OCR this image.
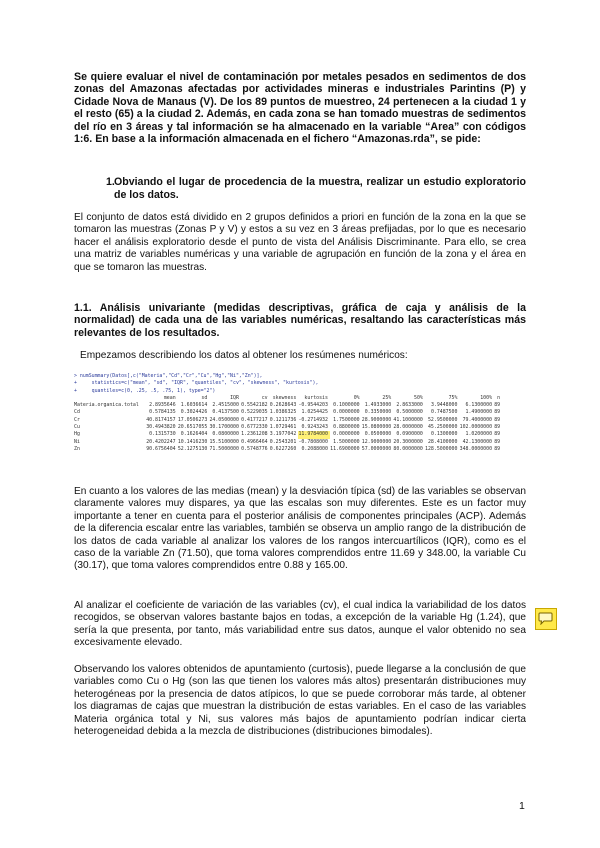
Se quiere evaluar el nivel de contaminación por metales pesados en sedimentos de dos zonas del Amazonas afectadas por actividades mineras e industriales Parintins (P) y Cidade Nova de Manaus (V). De los 89 puntos de muestreo, 24 pertenecen a la ciudad 1 y el resto (65) a la ciudad 2. Además, en cada zona se han tomado muestras de sedimentos del río en 3 áreas y tal información se ha almacenado en la variable “Area” con códigos 1:6. En base a la información almacenada en el fichero “Amazonas.rda”, se pide:

1. Obviando el lugar de procedencia de la muestra, realizar un estudio exploratorio de los datos.

El conjunto de datos está dividido en 2 grupos definidos a priori en función de la zona en la que se tomaron las muestras (Zonas P y V) y estos a su vez en 3 áreas prefijadas, por lo que es necesario hacer el análisis exploratorio desde el punto de vista del Análisis Discriminante. Para ello, se crea una matriz de variables numéricas y una variable de agrupación en función de la zona y el área en que se tomaron las muestras.

1.1. Análisis univariante (medidas descriptivas, gráfica de caja y análisis de la normalidad) de cada una de las variables numéricas, resaltando las características más relevantes de los resultados.

Empezamos describiendo los datos al obtener los resúmenes numéricos:

> numSummary(Datos[,c("Materia","Cd","Cr","Cu","Hg","Ni","Zn")],
+     statistics=c("mean", "sd", "IQR", "quantiles", "cv", "skewness", "kurtosis"),
+     quantiles=c(0, .25, .5, .75, 1), type="2")
	mean	sd	IQR	cv	skewness	kurtosis	0%	25%	50%	75%	100%	n
Materia.organica.total	2.8935646	1.6036614	2.4515000	0.5542182	0.2628643	-0.9544203	0.1000000	1.4933000	2.8633000	3.9448000	6.1300000	89
Cd	0.5784135	0.3024426	0.4137500	0.5229035	1.0386325	1.0254425	0.0000000	0.3350000	0.5000000	0.7487500	1.4900000	89
Cr	40.8174157	17.0506273	24.0500000	0.4177217	0.1211736	-0.2714932	1.7500000	28.9000000	41.1000000	52.9500000	79.4000000	89
Cu	30.4943820	20.6517055	30.1700000	0.6772330	1.0729461	0.9243243	0.8800000	15.0800000	28.0000000	45.2500000	102.0000000	89
Hg	0.1315730	0.1626404	0.0800000	1.2361208	3.1977042	11.9784000	0.0000000	0.0500000	0.0900000	0.1300000	1.0200000	89
Ni	20.4202247	10.1416230	15.5100000	0.4966464	0.2543201	-0.7808000	1.5000000	12.9000000	20.3000000	28.4100000	42.1300000	89
Zn	90.6756404	52.1275130	71.5000000	0.5748776	0.6227260	0.2088000	11.6900000	57.0000000	80.0000000	128.5000000	348.0000000	89

En cuanto a los valores de las medias (mean) y la desviación típica (sd) de las variables se observan claramente valores muy dispares, ya que las escalas son muy diferentes. Este es un factor muy importante a tener en cuenta para el posterior análisis de componentes principales (ACP). Además de la diferencia escalar entre las variables, también se observa un amplio rango de la distribución de los datos de cada variable al analizar los valores de los rangos intercuartílicos (IQR), como es el caso de la variable Zn (71.50), que toma valores comprendidos entre 11.69 y 348.00, la variable Cu (30.17), que toma valores comprendidos entre 0.88 y 165.00.

Al analizar el coeficiente de variación de las variables (cv), el cual indica la variabilidad de los datos recogidos, se observan valores bastante bajos en todas, a excepción de la variable Hg (1.24), que sería la que presenta, por tanto, más variabilidad entre sus datos, aunque el valor obtenido no sea excesivamente elevado.

Observando los valores obtenidos de apuntamiento (curtosis), puede llegarse a la conclusión de que variables como Cu o Hg (son las que tienen los valores más altos) presentarán distribuciones muy heterogéneas por la presencia de datos atípicos, lo que se puede corroborar más tarde, al obtener los diagramas de cajas que muestran la distribución de estas variables. En el caso de las variables Materia orgánica total y Ni, sus valores más bajos de apuntamiento podrían indicar cierta heterogeneidad debida a la mezcla de distribuciones (distribuciones bimodales).

1
